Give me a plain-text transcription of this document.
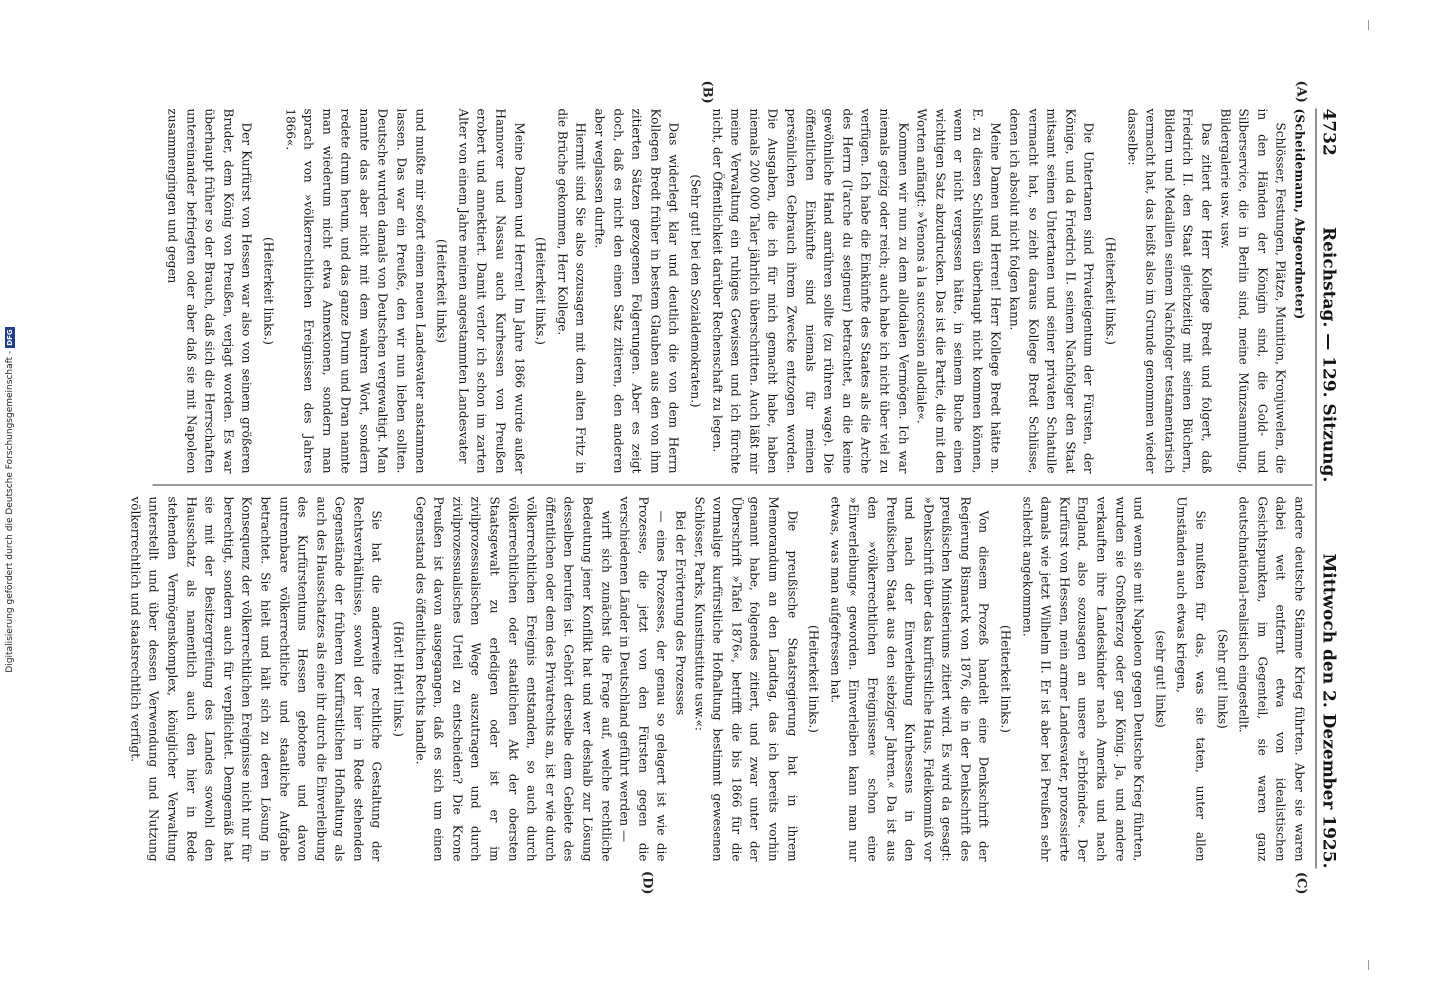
Digitalisierung gefördert durch die Deutsche Forschungsgemeinschaft -
DFG
4732
Reichstag. — 129. Sitzung.
Mittwoch den 2. Dezember 1925.
(A)
(B)
(C)
(D)

(Scheidemann, Abgeordneter)

Schlösser, Festungen, Plätze, Munition, Kronjuwelen, die in den Händen der Königin sind, die Gold- und Silberservice, die in Berlin sind, meine Münzsammlung, Bildergalerie usw. usw.

Das zitiert der Herr Kollege Bredt und folgert, daß Friedrich II. den Staat gleichzeitig mit seinen Büchern, Bildern und Medaillen seinem Nachfolger testamentarisch vermacht hat, das heißt also im Grunde genommen wieder dasselbe:

(Heiterkeit links.)

Die Untertanen sind Privateigentum der Fürsten, der Könige, und da Friedrich II. seinem Nachfolger den Staat mitsamt seinen Untertanen und seiner privaten Schatulle vermacht hat, so zieht daraus Kollege Bredt Schlüsse, denen ich absolut nicht folgen kann.

Meine Damen und Herren! Herr Kollege Bredt hätte m. E. zu diesen Schlüssen überhaupt nicht kommen können, wenn er nicht vergessen hätte, in seinem Buche einen wichtigen Satz abzudrucken. Das ist die Partie, die mit den Worten anfängt: »Venons à la succession allodiale«.

Kommen wir nun zu dem allodialen Vermögen. Ich war niemals geizig oder reich; auch habe ich nicht über viel zu verfügen. Ich habe die Einkünfte des Staates als die Arche des Herrn (l'arche du seigneur) betrachtet, an die keine gewöhnliche Hand anrühren sollte (zu rühren wage). Die öffentlichen Einkünfte sind niemals für meinen persönlichen Gebrauch ihrem Zwecke entzogen worden. Die Ausgaben, die ich für mich gemacht habe, haben niemals 200 000 Taler jährlich überschritten. Auch läßt mir meine Verwaltung ein ruhiges Gewissen und ich fürchte nicht, der Öffentlichkeit darüber Rechenschaft zu legen.

(Sehr gut! bei den Sozialdemokraten.)

Das widerlegt klar und deutlich die von dem Herrn Kollegen Bredt früher in bestem Glauben aus den von ihm zitierten Sätzen gezogenen Folgerungen. Aber es zeigt doch, daß es nicht den einen Satz zitieren, den anderen aber weglassen durfte.

Hiermit sind Sie also sozusagen mit dem alten Fritz in die Brüche gekommen, Herr Kollege.

(Heiterkeit links.)

Meine Damen und Herren! Im Jahre 1866 wurde außer Hannover und Nassau auch Kurhessen von Preußen erobert und annektiert. Damit verlor ich schon im zarten Alter von einem Jahre meinen angestammten Landesvater

(Heiterkeit links)

und mußte mir sofort einen neuen Landesvater anstammen lassen. Das war ein Preuße, den wir nun lieben sollten. Deutsche wurden damals von Deutschen vergewaltigt. Man nannte das aber nicht mit dem wahren Wort, sondern redete drum herum, und das ganze Drum und Dran nannte man wiederum nicht etwa Annexionen, sondern man sprach von »völkerrechtlichen Ereignissen des Jahres 1866«.

(Heiterkeit links.)

Der Kurfürst von Hessen war also von seinem größeren Bruder, dem König von Preußen, verjagt worden. Es war überhaupt früher so der Brauch, daß sich die Herrschaften untereinander befriegten oder aber daß sie mit Napoleon zusammengingen und gegen

andere deutsche Stämme Krieg führten. Aber sie waren dabei weit entfernt etwa von idealistischen Gesichtspunkten, im Gegenteil, sie waren ganz deutschnational-realistisch eingestellt.

(Sehr gut! links)

Sie mußten für das, was sie taten, unter allen Umständen auch etwas kriegen,

(sehr gut! links)

und wenn sie mit Napoleon gegen Deutsche Krieg führten, wurden sie Großherzog oder gar König. Ja, und andere verkauften ihre Landeskinder nach Amerika und nach England, also sozusagen an unsere »Erbfeinde«. Der Kurfürst von Hessen, mein armer Landesvater, prozessierte damals wie jetzt Wilhelm II. Er ist aber bei Preußen sehr schlecht angekommen.

(Heiterkeit links.)

Von diesem Prozeß handelt eine Denkschrift der Regierung Bismarck von 1876, die in der Denkschrift des preußischen Ministeriums zitiert wird. Es wird da gesagt: »Denkschrift über das kurfürstliche Haus, Fideikommiß vor und nach der Einverleibung Kurhessens in den Preußischen Staat aus den siebziger Jahren.« Da ist aus den »völkerrechtlichen Ereignissen« schon eine »Einverleibung« geworden. Einverleiben kann man nur etwas, was man aufgefressen hat.

(Heiterkeit links.)

Die preußische Staatsregierung hat in ihrem Memorandum an den Landtag, das ich bereits vorhin genannt habe, folgendes zitiert, und zwar unter der Überschrift »Tafel 1876«, betrifft die bis 1866 für die vormalige kurfürstliche Hofhaltung bestimmt gewesenen Schlösser, Parks, Kunstinstitute usw.«:

Bei der Erörterung des Prozesses

— eines Prozesses, der genau so gelagert ist wie die Prozesse, die jetzt von den Fürsten gegen die verschiedenen Länder in Deutschland geführt werden —

wirft sich zunächst die Frage auf, welche rechtliche Bedeutung jener Konflikt hat und wer deshalb zur Lösung desselben berufen ist. Gehört derselbe dem Gebiete des öffentlichen oder dem des Privatrechts an, ist er wie durch völkerrechtlichen Ereignis entstanden, so auch durch völkerrechtlichen oder staatlichen Akt der obersten Staatsgewalt zu erledigen oder ist er im zivilprozessualischen Wege auszutragen und durch zivilprozessualisches Urteil zu entscheiden? Die Krone Preußen ist davon ausgegangen, daß es sich um einen Gegenstand des öffentlichen Rechts handle.

(Hört! Hört! links.)

Sie hat die anderweite rechtliche Gestaltung der Rechtsverhältnisse, sowohl der hier in Rede stehenden Gegenstände der früheren Kurfürstlichen Hofhaltung als auch des Hausschatzes als eine ihr durch die Einverleibung des Kurfürstentums Hessen gebotene und davon untrennbare völkerrechtliche und staatliche Aufgabe betrachtet. Sie hielt und hält sich zu deren Lösung in Konsequenz der völkerrechtlichen Ereignisse nicht nur für berechtigt, sondern auch für verpflichtet. Demgemäß hat sie mit der Besitzergreifung des Landes sowohl den Hausschatz als namentlich auch den hier in Rede stehenden Vermögenskomplex, königlicher Verwaltung unterstellt und über dessen Verwendung und Nutzung völkerrechtlich und staatsrechtlich verfügt.
